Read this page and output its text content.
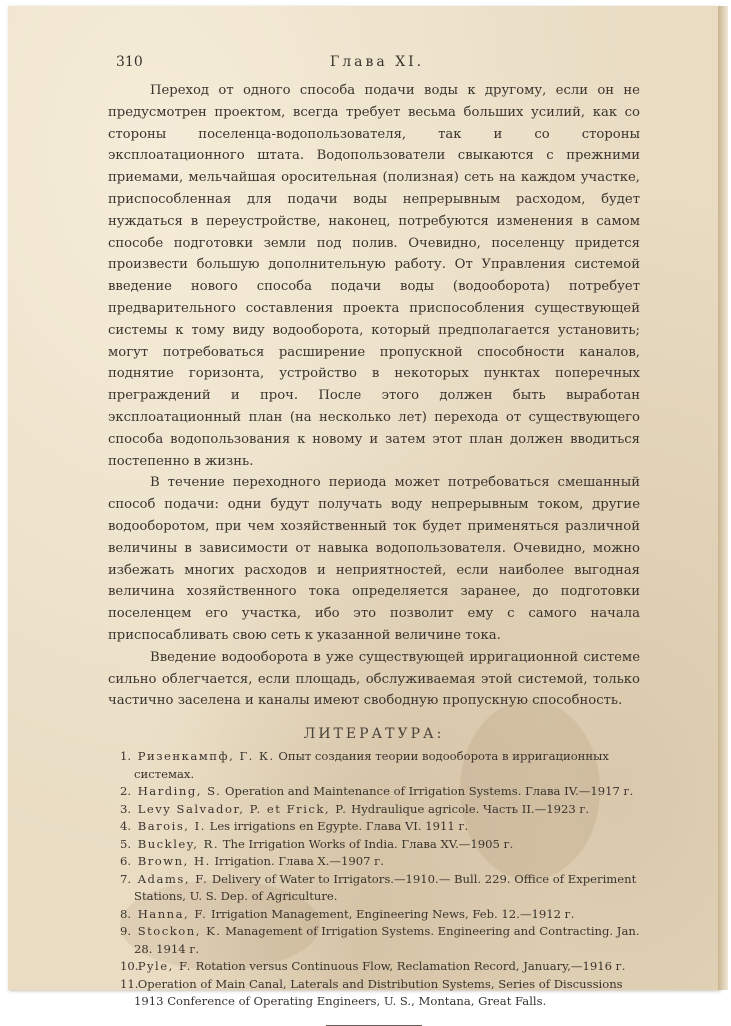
310	Глава XI.

Переход от одного способа подачи воды к другому, если он не предусмотрен проектом, всегда требует весьма больших усилий, как со стороны поселенца-водопользователя, так и со стороны эксплоатационного штата. Водопользователи свыкаются с прежними приемами, мельчайшая оросительная (полизная) сеть на каждом участке, приспособленная для подачи воды непрерывным расходом, будет нуждаться в переустройстве, наконец, потребуются изменения в самом способе подготовки земли под полив. Очевидно, поселенцу придется произвести большую дополнительную работу. От Управления системой введение нового способа подачи воды (водооборота) потребует предварительного составления проекта приспособления существующей системы к тому виду водооборота, который предполагается установить; могут потребоваться расширение пропускной способности каналов, поднятие горизонта, устройство в некоторых пунктах поперечных преграждений и проч. После этого должен быть выработан эксплоатационный план (на несколько лет) перехода от существующего способа водопользования к новому и затем этот план должен вводиться постепенно в жизнь.

В течение переходного периода может потребоваться смешанный способ подачи: одни будут получать воду непрерывным током, другие водооборотом, при чем хозяйственный ток будет применяться различной величины в зависимости от навыка водопользователя. Очевидно, можно избежать многих расходов и неприятностей, если наиболее выгодная величина хозяйственного тока определяется заранее, до подготовки поселенцем его участка, ибо это позволит ему с самого начала приспосабливать свою сеть к указанной величине тока.

Введение водооборота в уже существующей ирригационной системе сильно облегчается, если площадь, обслуживаемая этой системой, только частично заселена и каналы имеют свободную пропускную способность.

ЛИТЕРАТУРА:
1. Ризенкампф, Г. К. Опыт создания теории водооборота в ирригационных системах.
2. Harding, S. Operation and Maintenance of Irrigation Systems. Глава IV.—1917 г.
3. Levy Salvador, P. et Frick, P. Hydraulique agricole. Часть II.—1923 г.
4. Barois, I. Les irrigations en Egypte. Глава VI. 1911 г.
5. Buckley, R. The Irrigation Works of India. Глава XV.—1905 г.
6. Brown, H. Irrigation. Глава X.—1907 г.
7. Adams, F. Delivery of Water to Irrigators.—1910.— Bull. 229. Office of Experiment Stations, U. S. Dep. of Agriculture.
8. Hanna, F. Irrigation Management, Engineering News, Feb. 12.—1912 г.
9. Stockon, K. Management of Irrigation Systems. Engineering and Contracting. Jan. 28. 1914 г.
10. Pyle, F. Rotation versus Continuous Flow, Reclamation Record, January,—1916 г.
11. Operation of Main Canal, Laterals and Distribution Systems, Series of Discussions 1913 Conference of Operating Engineers, U. S., Montana, Great Falls.
